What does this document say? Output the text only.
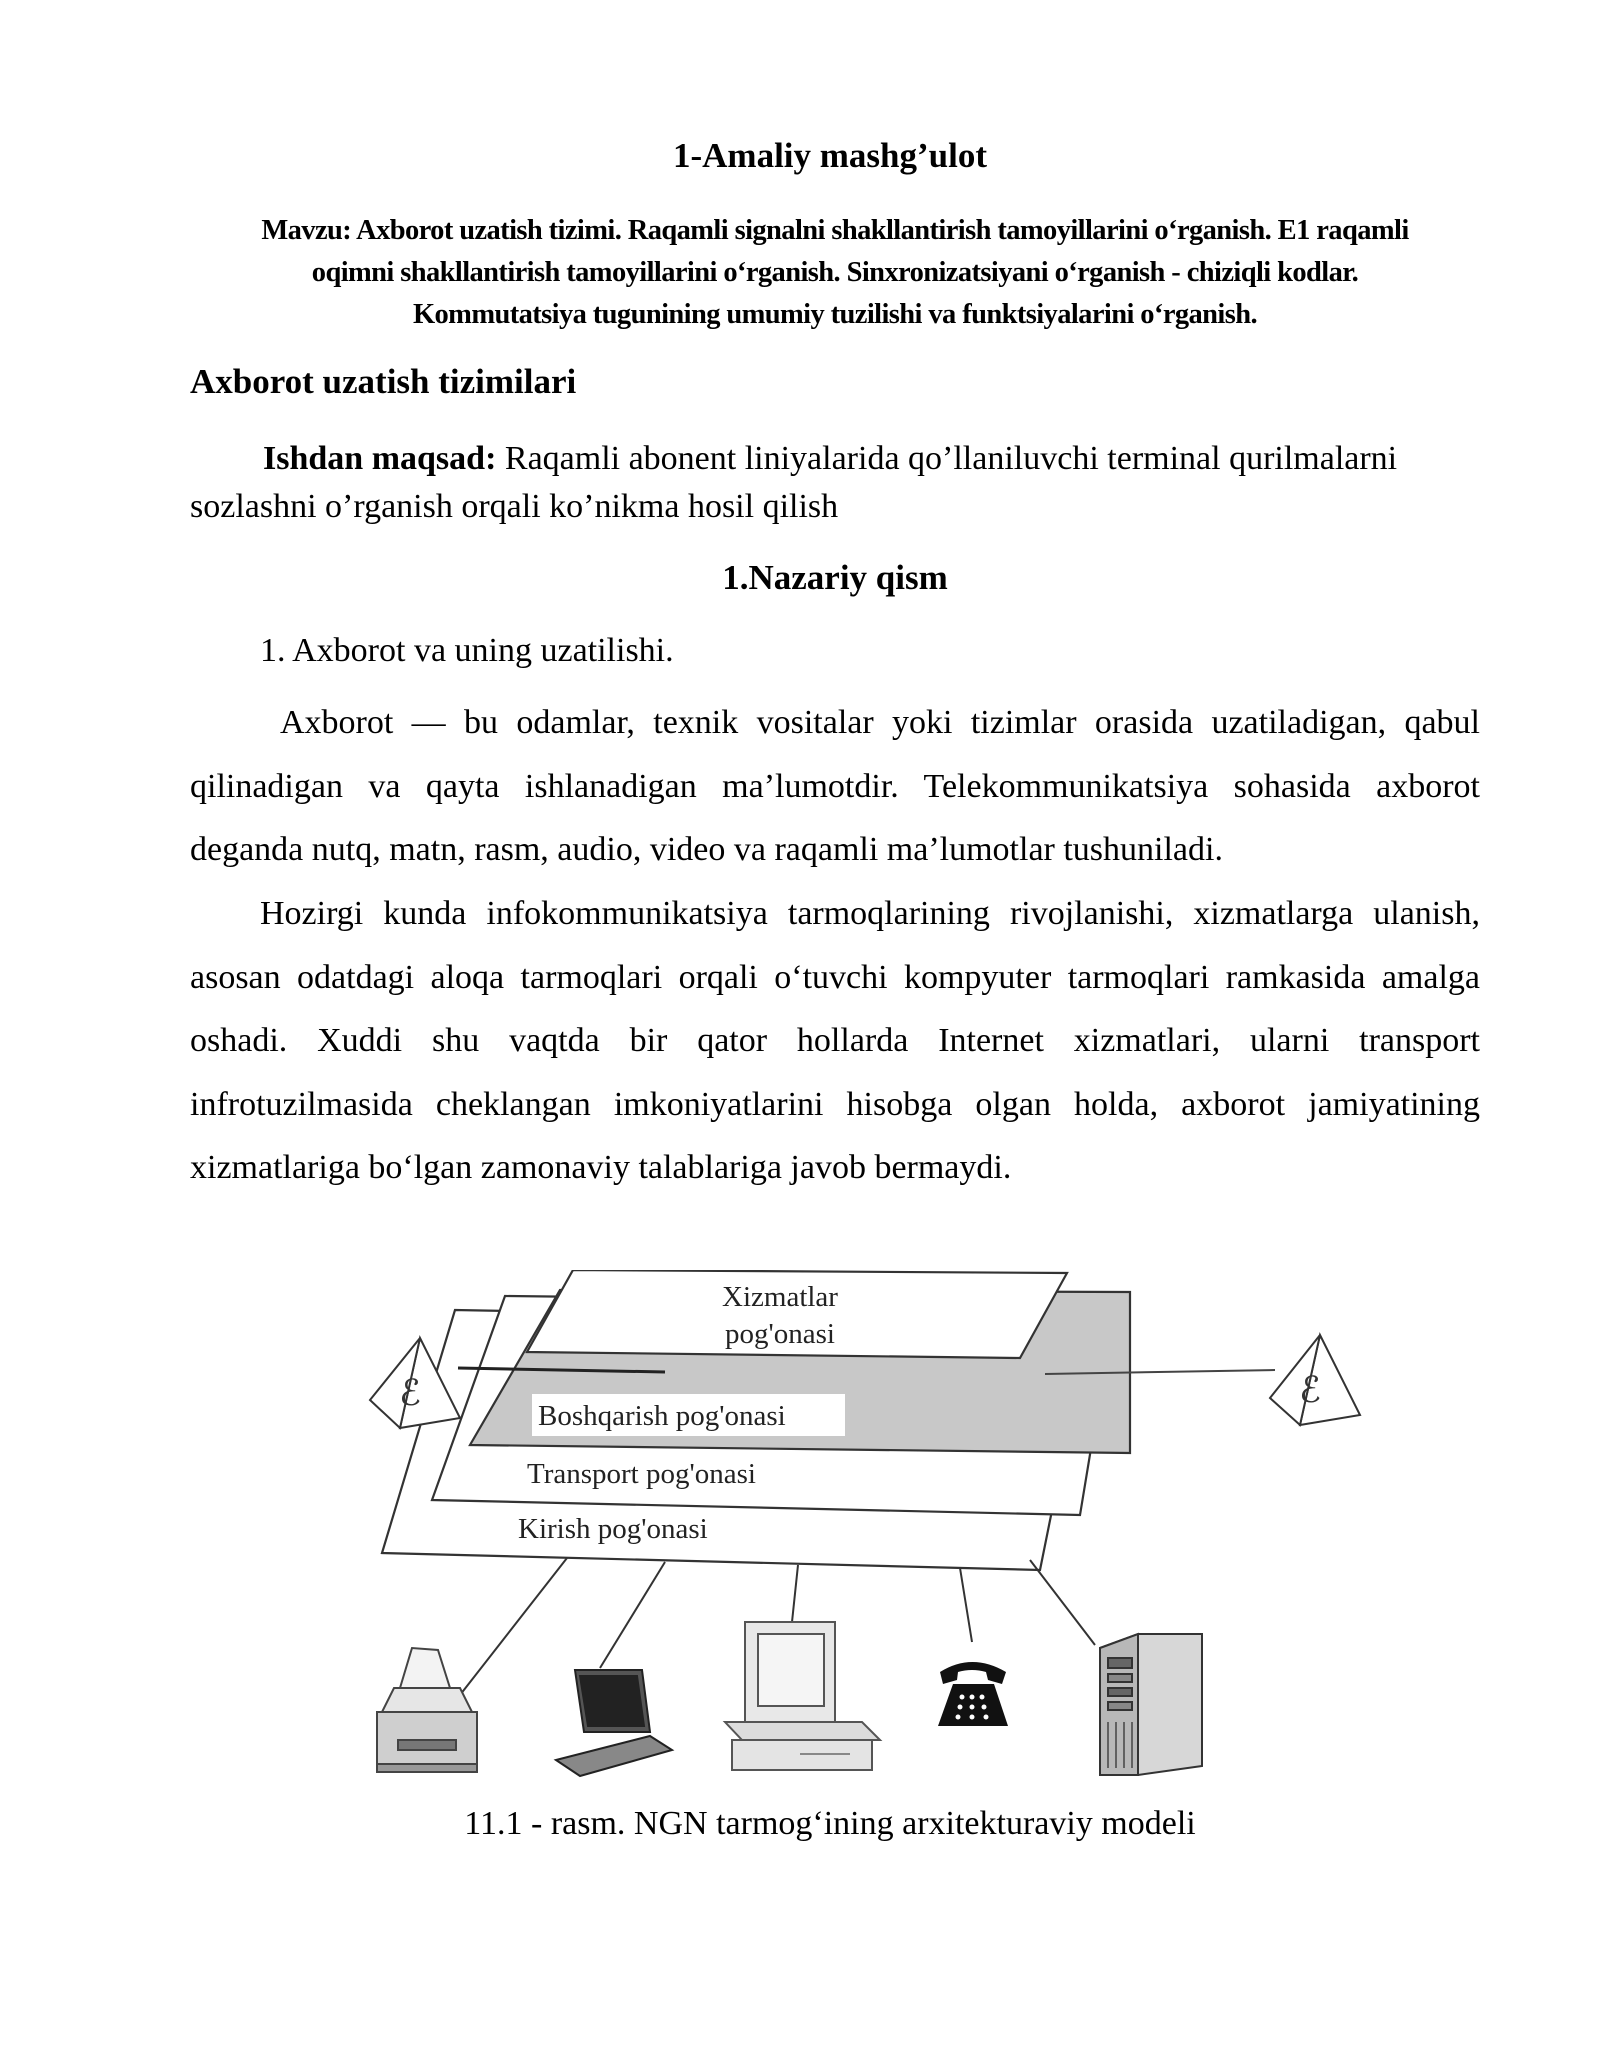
1-Amaliy mashg’ulot
Mavzu: Axborot uzatish tizimi. Raqamli signalni shakllantirish tamoyillarini o‘rganish. E1 raqamli
oqimni shakllantirish tamoyillarini o‘rganish. Sinxronizatsiyani o‘rganish - chiziqli kodlar.
Kommutatsiya tugunining umumiy tuzilishi va funktsiyalarini o‘rganish.
Axborot uzatish tizimilari
Ishdan maqsad: Raqamli abonent liniyalarida qo’llaniluvchi terminal qurilmalarni sozlashni o’rganish orqali ko’nikma hosil qilish
1.Nazariy qism
1. Axborot va uning uzatilishi.
Axborot — bu odamlar, texnik vositalar yoki tizimlar orasida uzatiladigan, qabul qilinadigan va qayta ishlanadigan ma’lumotdir. Telekommunikatsiya sohasida axborot deganda nutq, matn, rasm, audio, video va raqamli ma’lumotlar tushuniladi.
Hozirgi kunda infokommunikatsiya tarmoqlarining rivojlanishi, xizmatlarga ulanish, asosan odatdagi aloqa tarmoqlari orqali o‘tuvchi kompyuter tarmoqlari ramkasida amalga oshadi. Xuddi shu vaqtda bir qator hollarda Internet xizmatlari, ularni transport infrotuzilmasida cheklangan imkoniyatlarini hisobga olgan holda, axborot jamiyatining xizmatlariga bo‘lgan zamonaviy talablariga javob bermaydi.
Xizmatlar
pog'onasi
Boshqarish pog'onasi
Transport pog'onasi
Kirish pog'onasi
ℰ	ℰ
11.1 - rasm. NGN tarmog‘ining arxitekturaviy modeli
